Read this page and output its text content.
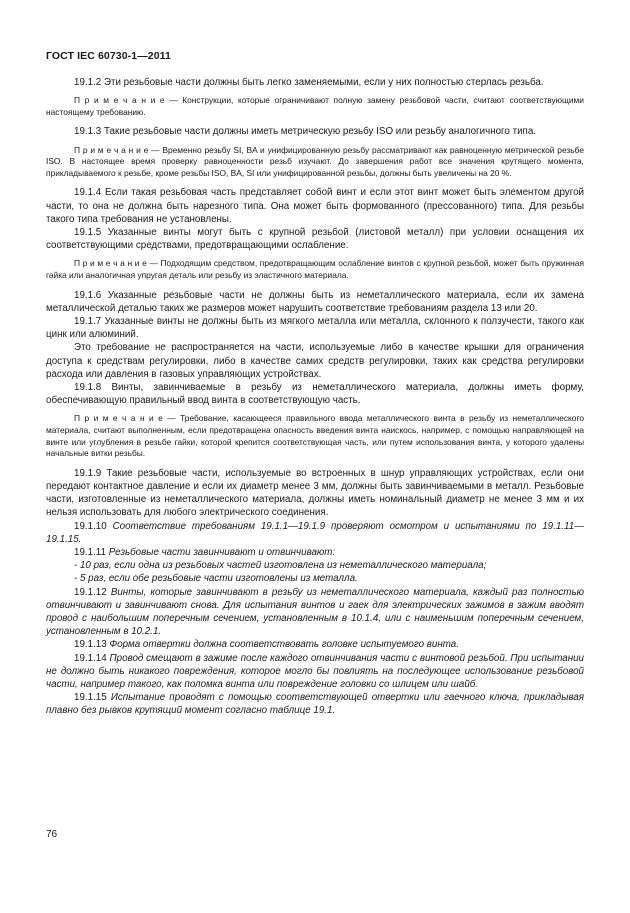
ГОСТ IEC 60730-1—2011

19.1.2 Эти резьбовые части должны быть легко заменяемыми, если у них полностью стерлась резьба.

П р и м е ч а н и е — Конструкции, которые ограничивают полную замену резьбовой части, считают соответствующими настоящему требованию.

19.1.3 Такие резьбовые части должны иметь метрическую резьбу ISO или резьбу аналогичного типа.

П р и м е ч а н и е — Временно резьбу SI, BA и унифицированную резьбу рассматривают как равноценную метрической резьбе ISO. В настоящее время проверку равноценности резьб изучают. До завершения работ все значения крутящего момента, прикладываемого к резьбе, кроме резьбы ISO, BA, SI или унифицированной резьбы, должны быть увеличены на 20 %.

19.1.4 Если такая резьбовая часть представляет собой винт и если этот винт может быть элементом другой части, то она не должна быть нарезного типа. Она может быть формованного (прессованного) типа. Для резьбы такого типа требования не установлены.

19.1.5 Указанные винты могут быть с крупной резьбой (листовой металл) при условии оснащения их соответствующими средствами, предотвращающими ослабление.

П р и м е ч а н и е — Подходящим средством, предотвращающим ослабление винтов с крупной резьбой, может быть пружинная гайка или аналогичная упругая деталь или резьбу из эластичного материала.

19.1.6 Указанные резьбовые части не должны быть из неметаллического материала, если их замена металлической деталью таких же размеров может нарушить соответствие требованиям раздела 13 или 20.

19.1.7 Указанные винты не должны быть из мягкого металла или металла, склонного к ползучести, такого как цинк или алюминий.

Это требование не распространяется на части, используемые либо в качестве крышки для ограничения доступа к средствам регулировки, либо в качестве самих средств регулировки, таких как средства регулировки расхода или давления в газовых управляющих устройствах.

19.1.8 Винты, завинчиваемые в резьбу из неметаллического материала, должны иметь форму, обеспечивающую правильный ввод винта в соответствующую часть.

П р и м е ч а н и е — Требование, касающееся правильного ввода металлического винта в резьбу из неметаллического материала, считают выполненным, если предотвращена опасность введения винта наискось, например, с помощью направляющей на винте или углубления в резьбе гайки, которой крепится соответствующая часть, или путем использования винта, у которого удалены начальные витки резьбы.

19.1.9 Такие резьбовые части, используемые во встроенных в шнур управляющих устройствах, если они передают контактное давление и если их диаметр менее 3 мм, должны быть завинчиваемыми в металл. Резьбовые части, изготовленные из неметаллического материала, должны иметь номинальный диаметр не менее 3 мм и их нельзя использовать для любого электрического соединения.

19.1.10 Соответствие требованиям 19.1.1—19.1.9 проверяют осмотром и испытаниями по 19.1.11—19.1.15.

19.1.11 Резьбовые части завинчивают и отвинчивают:

- 10 раз, если одна из резьбовых частей изготовлена из неметаллического материала;

- 5 раз, если обе резьбовые части изготовлены из металла.

19.1.12 Винты, которые завинчивают в резьбу из неметаллического материала, каждый раз полностью отвинчивают и завинчивают снова. Для испытания винтов и гаек для электрических зажимов в зажим вводят провод с наибольшим поперечным сечением, установленным в 10.1.4, или с наименьшим поперечным сечением, установленным в 10.2.1.

19.1.13 Форма отвертки должна соответствовать головке испытуемого винта.

19.1.14 Провод смещают в зажиме после каждого отвинчивания части с винтовой резьбой. При испытании не должно быть никакого повреждения, которое могло бы повлиять на последующее использование резьбовой части, например такого, как поломка винта или повреждение головки со шлицем или шайб.

19.1.15 Испытание проводят с помощью соответствующей отвертки или гаечного ключа, прикладывая плавно без рывков крутящий момент согласно таблице 19.1.

76
